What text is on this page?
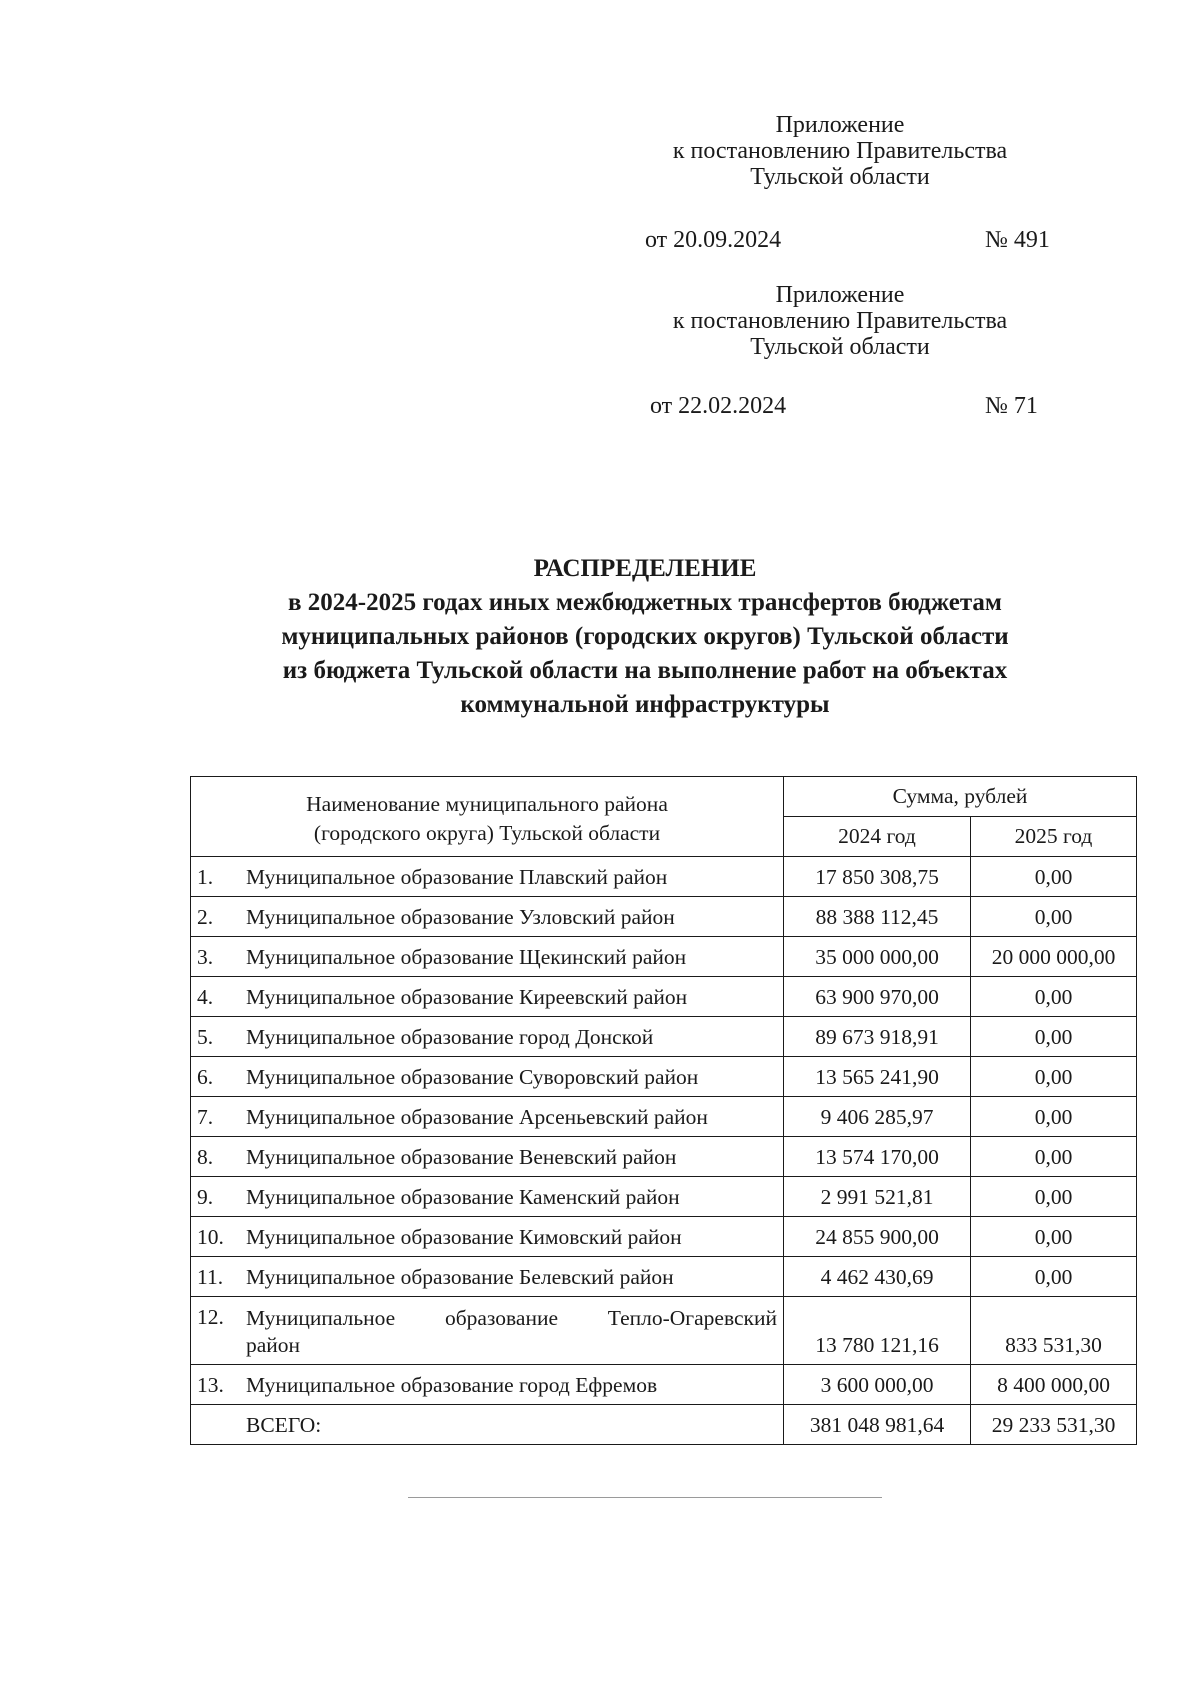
Приложение
к постановлению Правительства
Тульской области
от 20.09.2024	№ 491
Приложение
к постановлению Правительства
Тульской области
от 22.02.2024	№ 71
РАСПРЕДЕЛЕНИЕ
в 2024-2025 годах иных межбюджетных трансфертов бюджетам
муниципальных районов (городских округов) Тульской области
из бюджета Тульской области на выполнение работ на объектах
коммунальной инфраструктуры
Наименование муниципального района
(городского округа) Тульской области		Сумма, рублей	
		2024 год	2025 год
1.	Муниципальное образование Плавский район	17 850 308,75	0,00
2.	Муниципальное образование Узловский район	88 388 112,45	0,00
3.	Муниципальное образование Щекинский район	35 000 000,00	20 000 000,00
4.	Муниципальное образование Киреевский район	63 900 970,00	0,00
5.	Муниципальное образование город Донской	89 673 918,91	0,00
6.	Муниципальное образование Суворовский район	13 565 241,90	0,00
7.	Муниципальное образование Арсеньевский район	9 406 285,97	0,00
8.	Муниципальное образование Веневский район	13 574 170,00	0,00
9.	Муниципальное образование Каменский район	2 991 521,81	0,00
10.	Муниципальное образование Кимовский район	24 855 900,00	0,00
11.	Муниципальное образование Белевский район	4 462 430,69	0,00
12.	Муниципальное образование Тепло-Огаревский
район	13 780 121,16	833 531,30
13.	Муниципальное образование город Ефремов	3 600 000,00	8 400 000,00
	ВСЕГО:	381 048 981,64	29 233 531,30
